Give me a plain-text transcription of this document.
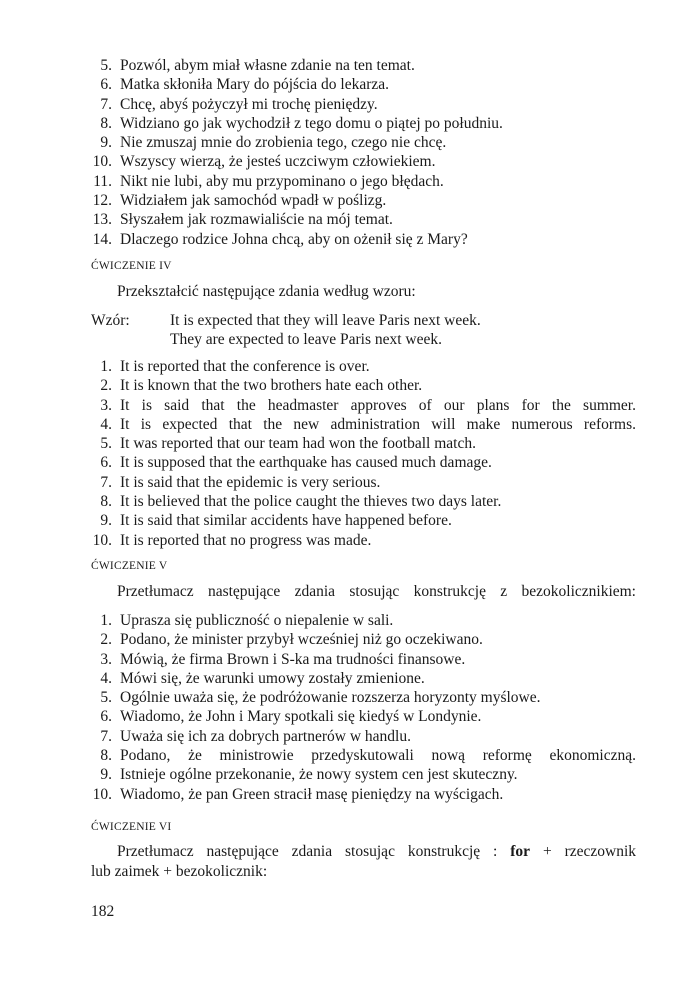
5. Pozwól, abym miał własne zdanie na ten temat.
6. Matka skłoniła Mary do pójścia do lekarza.
7. Chcę, abyś pożyczył mi trochę pieniędzy.
8. Widziano go jak wychodził z tego domu o piątej po południu.
9. Nie zmuszaj mnie do zrobienia tego, czego nie chcę.
10. Wszyscy wierzą, że jesteś uczciwym człowiekiem.
11. Nikt nie lubi, aby mu przypominano o jego błędach.
12. Widziałem jak samochód wpadł w poślizg.
13. Słyszałem jak rozmawialiście na mój temat.
14. Dlaczego rodzice Johna chcą, aby on ożenił się z Mary?
ĆWICZENIE IV
Przekształcić następujące zdania według wzoru:
Wzór:	It is expected that they will leave Paris next week.
They are expected to leave Paris next week.
1. It is reported that the conference is over.
2. It is known that the two brothers hate each other.
3. It is said that the headmaster approves of our plans for the summer.
4. It is expected that the new administration will make numerous reforms.
5. It was reported that our team had won the football match.
6. It is supposed that the earthquake has caused much damage.
7. It is said that the epidemic is very serious.
8. It is believed that the police caught the thieves two days later.
9. It is said that similar accidents have happened before.
10. It is reported that no progress was made.
ĆWICZENIE V
Przetłumacz następujące zdania stosując konstrukcję z bezokolicznikiem:
1. Uprasza się publiczność o niepalenie w sali.
2. Podano, że minister przybył wcześniej niż go oczekiwano.
3. Mówią, że firma Brown i S-ka ma trudności finansowe.
4. Mówi się, że warunki umowy zostały zmienione.
5. Ogólnie uważa się, że podróżowanie rozszerza horyzonty myślowe.
6. Wiadomo, że John i Mary spotkali się kiedyś w Londynie.
7. Uważa się ich za dobrych partnerów w handlu.
8. Podano, że ministrowie przedyskutowali nową reformę ekonomiczną.
9. Istnieje ogólne przekonanie, że nowy system cen jest skuteczny.
10. Wiadomo, że pan Green stracił masę pieniędzy na wyścigach.
ĆWICZENIE VI
Przetłumacz następujące zdania stosując konstrukcję : for + rzeczownik
lub zaimek + bezokolicznik:
182
